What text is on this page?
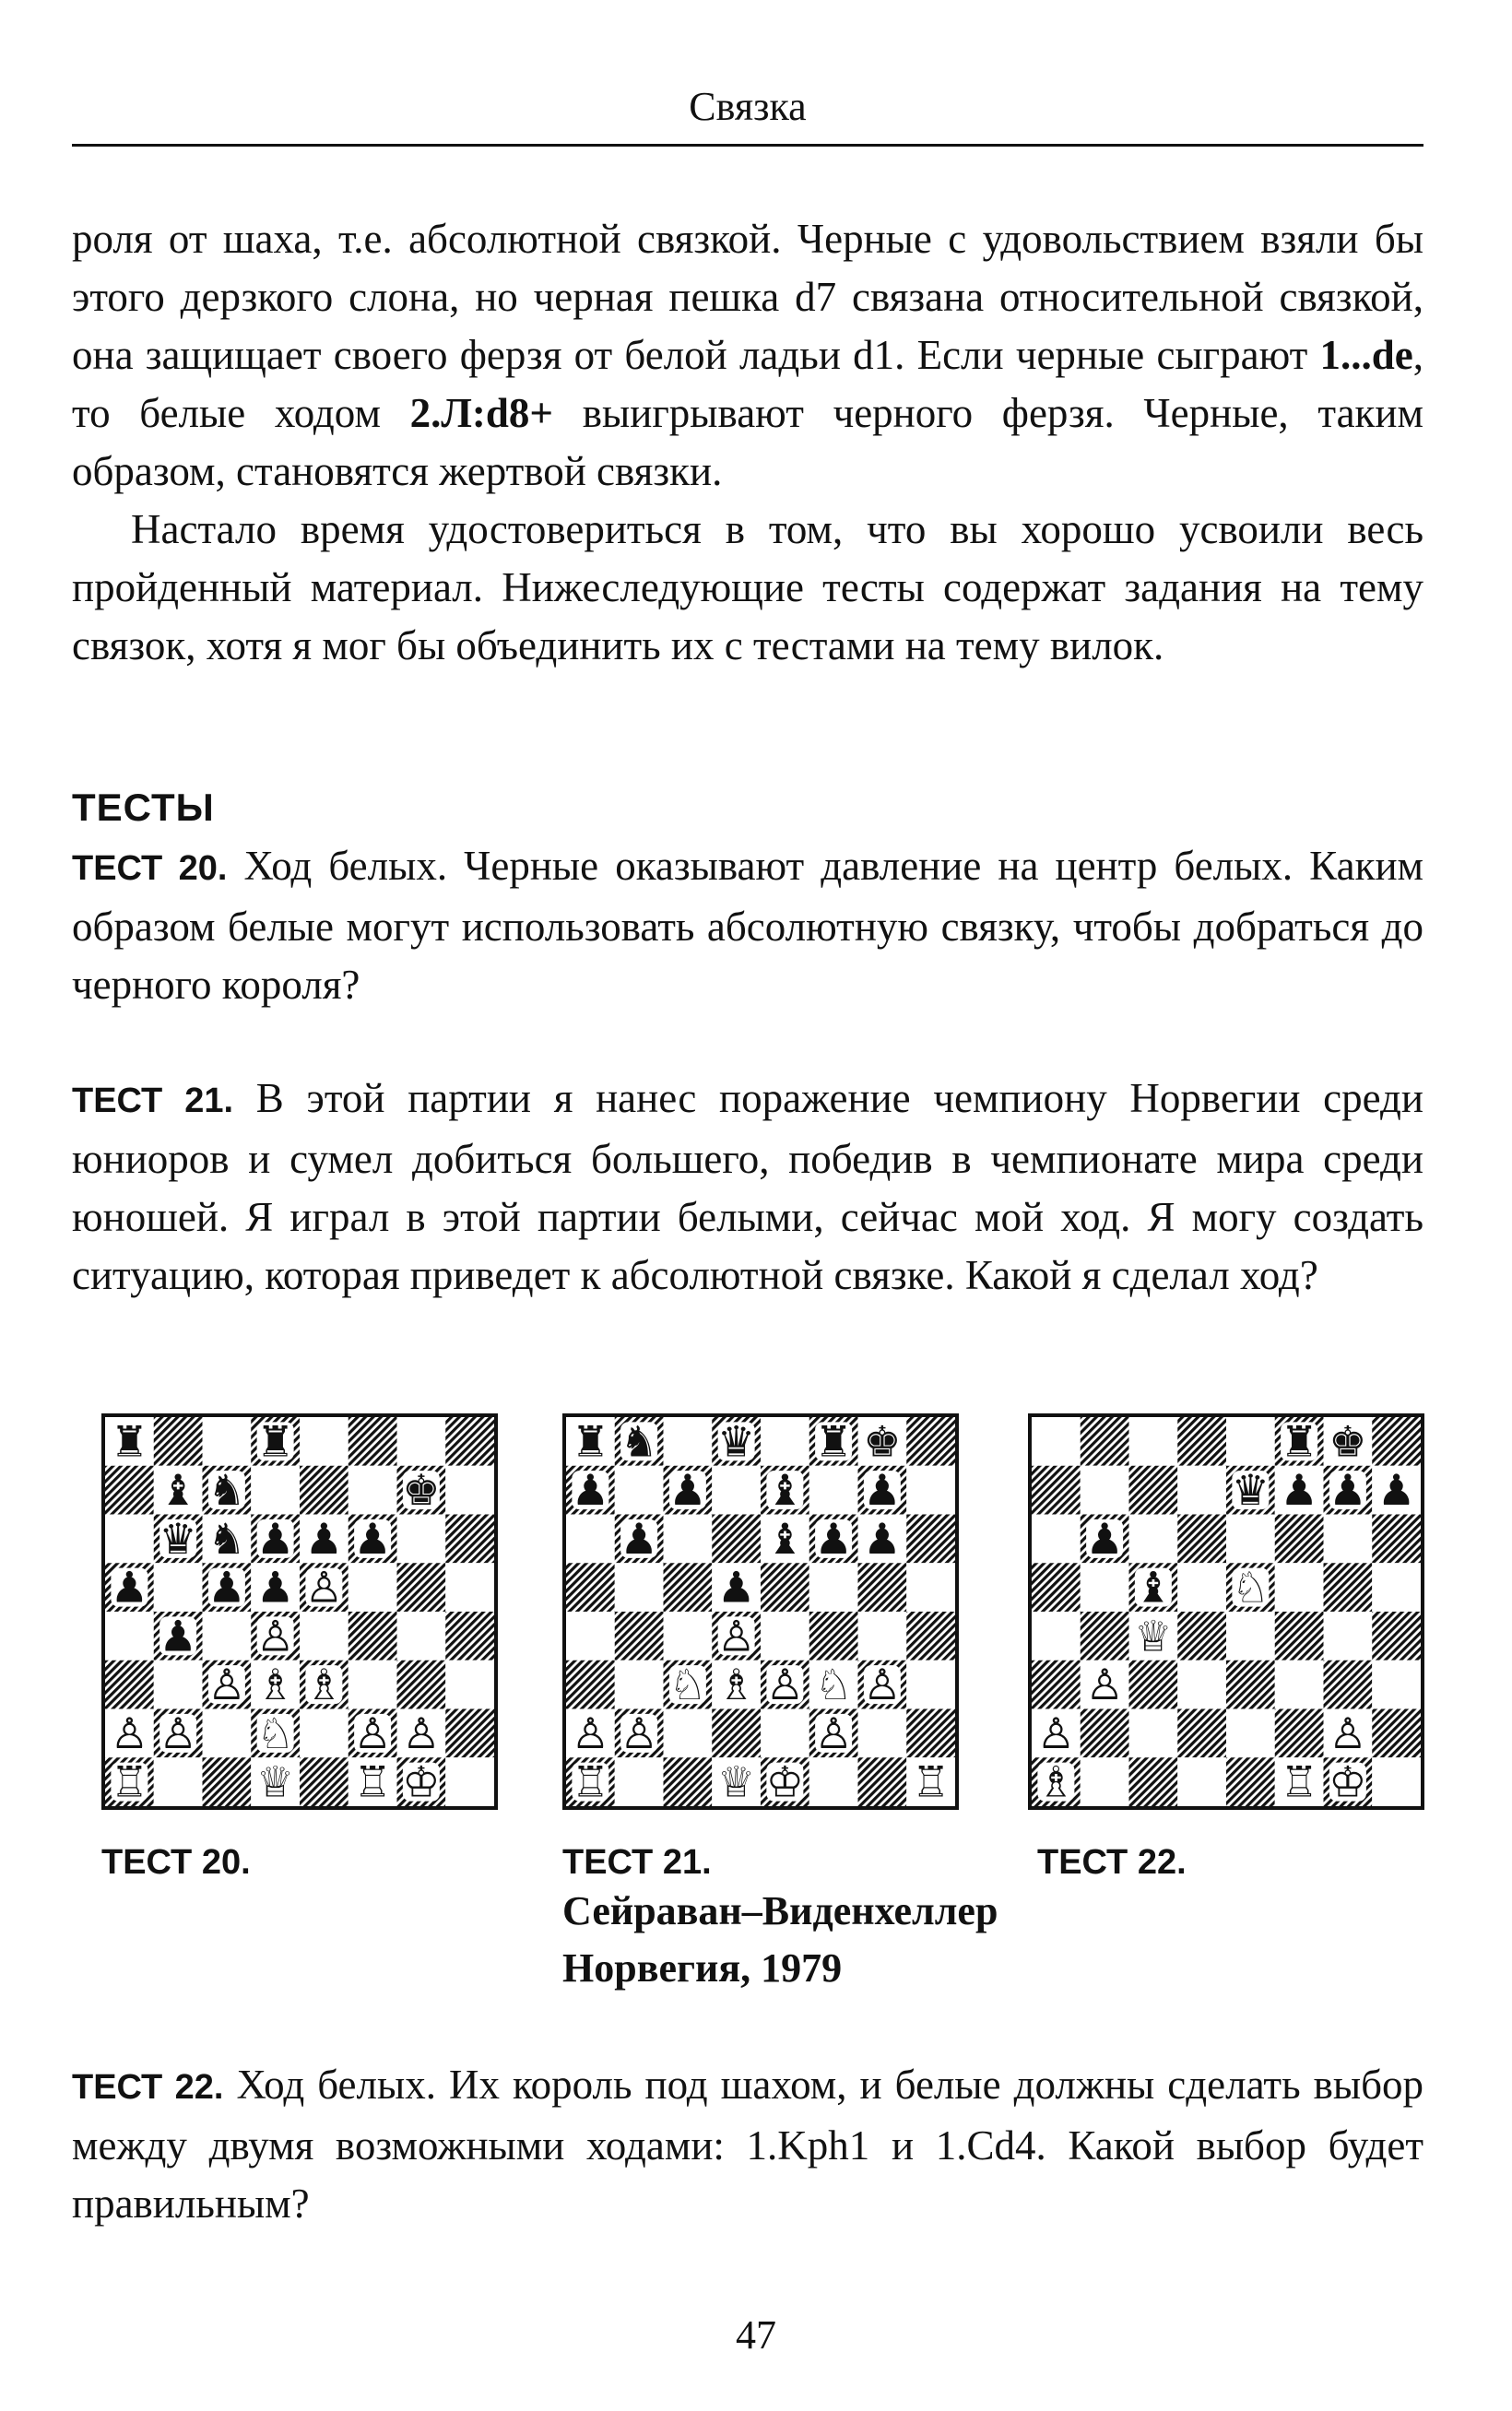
Связка

роля от шаха, т.е. абсолютной связкой. Черные с удовольствием взяли бы этого дерзкого слона, но черная пешка d7 связана относительной связкой, она защищает своего ферзя от белой ладьи d1. Если черные сыграют 1...de, то белые ходом 2.Л:d8+ выигрывают черного ферзя. Черные, таким образом, становятся жертвой связки.

Настало время удостовериться в том, что вы хорошо усвоили весь пройденный материал. Нижеследующие тесты содержат задания на тему связок, хотя я мог бы объединить их с тестами на тему вилок.

ТЕСТЫ

ТЕСТ 20. Ход белых. Черные оказывают давление на центр белых. Каким образом белые могут использовать абсолютную связку, чтобы добраться до черного короля?

ТЕСТ 21. В этой партии я нанес поражение чемпиону Норвегии среди юниоров и сумел добиться большего, победив в чемпионате мира среди юношей. Я играл в этой партии белыми, сейчас мой ход. Я могу создать ситуацию, которая приведет к абсолютной связке. Какой я сделал ход?

♜	♜
♝ ♞	♚
♛ ♞ ♟ ♟ ♟
♟ ♟ ♟ ♙
♟ ♙
♙ ♗ ♗
♙ ♙ ♘ ♙ ♙
♖	♕ ♖ ♔
♜ ♞ ♛ ♜ ♚
♟ ♟ ♝ ♟
♟	♝ ♟ ♟
♟
♙
♘ ♗ ♙ ♘ ♙
♙ ♙	♙
♖	♕ ♔	♖
♜ ♚
♛ ♟ ♟ ♟
♟
♝ ♘
♕
♙
♙	♙
♗	♖ ♔
ТЕСТ 20.	ТЕСТ 21.	ТЕСТ 22.
Сейраван–Виденхеллер
Норвегия, 1979

ТЕСТ 22. Ход белых. Их король под шахом, и белые должны сделать выбор между двумя возможными ходами: 1.Kph1 и 1.Cd4. Какой выбор будет правильным?

47
